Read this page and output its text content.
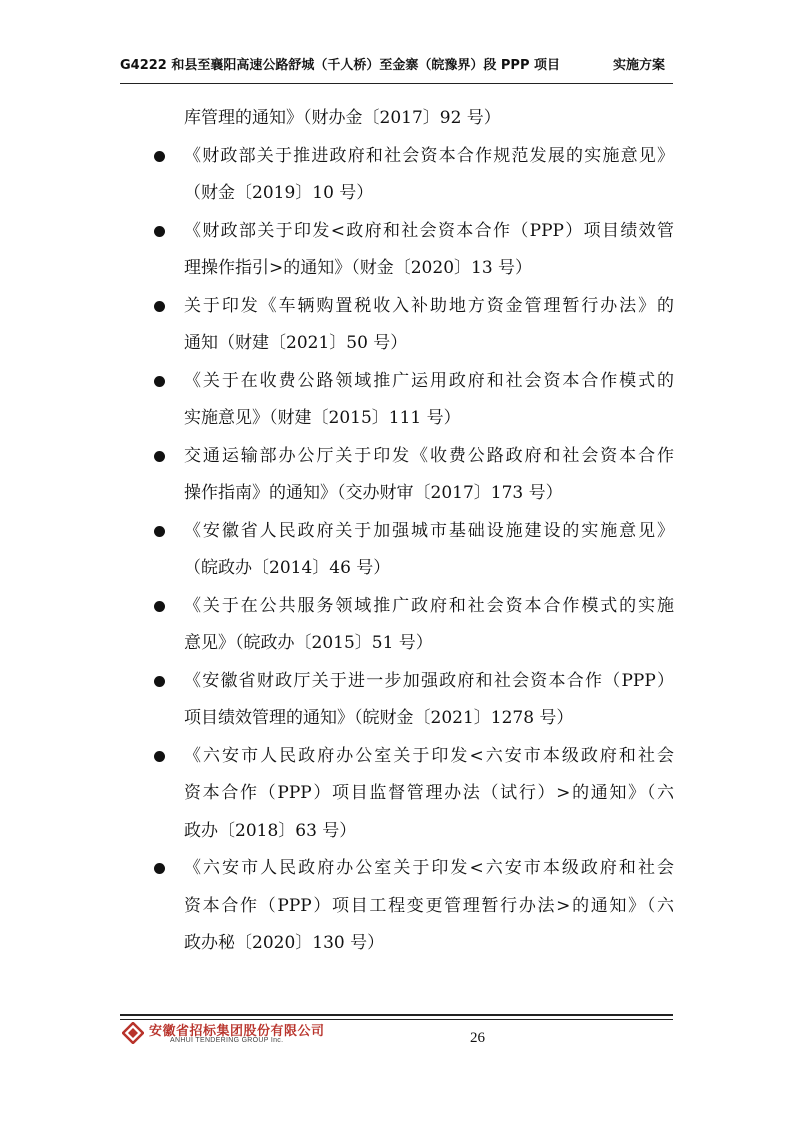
G4222 和县至襄阳高速公路舒城（千人桥）至金寨（皖豫界）段 PPP 项目	实施方案
库管理的通知》（财办金〔2017〕92 号）
《财政部关于推进政府和社会资本合作规范发展的实施意见》
（财金〔2019〕10 号）
《财政部关于印发<政府和社会资本合作（PPP）项目绩效管
理操作指引>的通知》（财金〔2020〕13 号）
关于印发《车辆购置税收入补助地方资金管理暂行办法》的
通知（财建〔2021〕50 号）
《关于在收费公路领域推广运用政府和社会资本合作模式的
实施意见》（财建〔2015〕111 号）
交通运输部办公厅关于印发《收费公路政府和社会资本合作
操作指南》的通知》（交办财审〔2017〕173 号）
《安徽省人民政府关于加强城市基础设施建设的实施意见》
（皖政办〔2014〕46 号）
《关于在公共服务领域推广政府和社会资本合作模式的实施
意见》（皖政办〔2015〕51 号）
《安徽省财政厅关于进一步加强政府和社会资本合作（PPP）
项目绩效管理的通知》（皖财金〔2021〕1278 号）
《六安市人民政府办公室关于印发<六安市本级政府和社会
资本合作（PPP）项目监督管理办法（试行）>的通知》（六
政办〔2018〕63 号）
《六安市人民政府办公室关于印发<六安市本级政府和社会
资本合作（PPP）项目工程变更管理暂行办法>的通知》（六
政办秘〔2020〕130 号）
安徽省招标集团股份有限公司
ANHUI TENDERING GROUP Inc.	26
